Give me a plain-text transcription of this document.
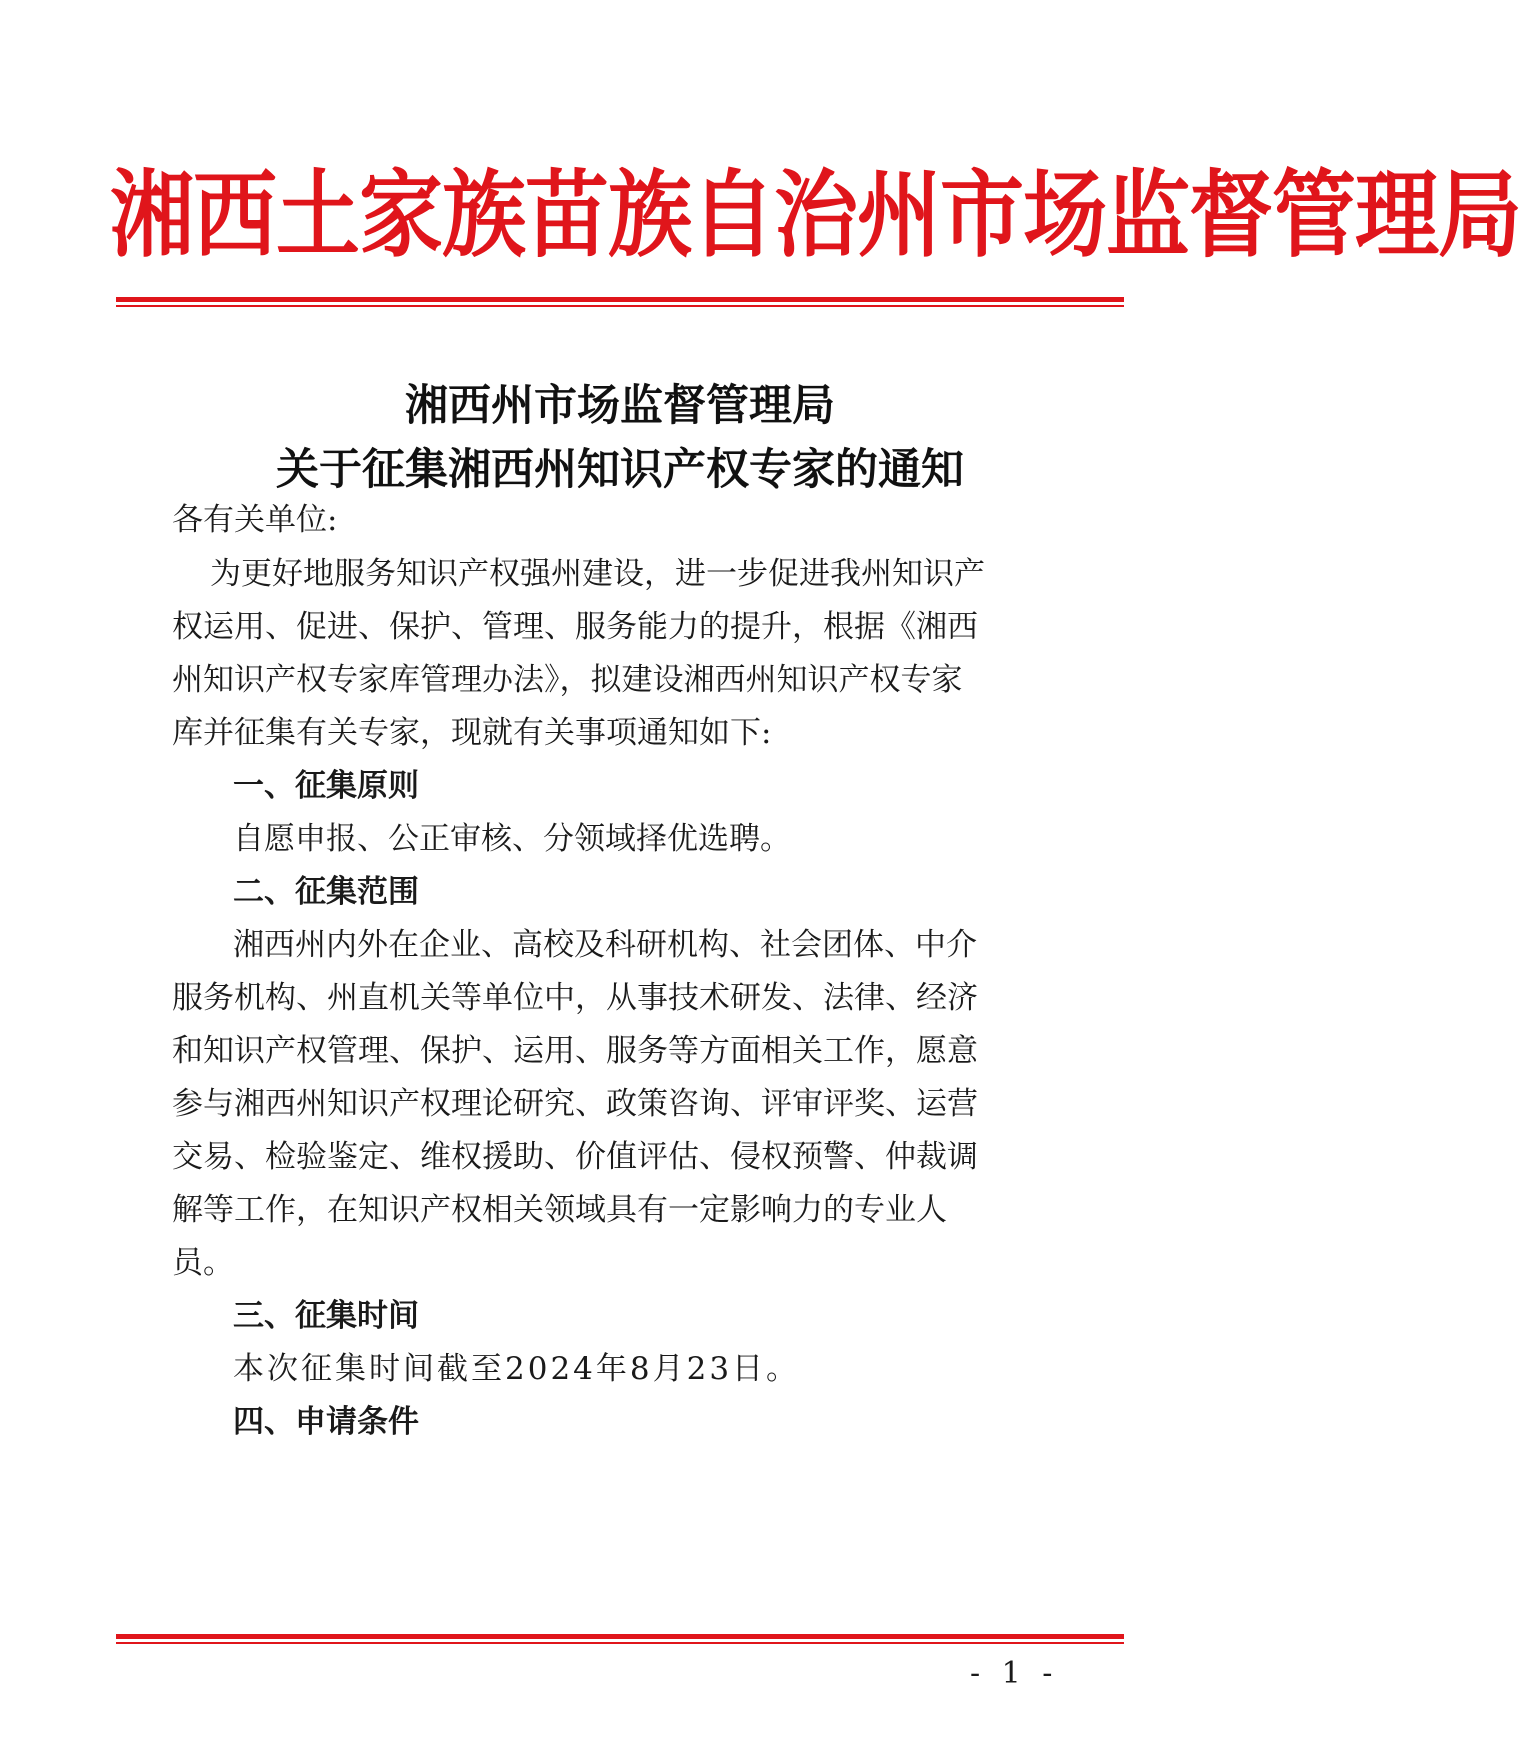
湘西土家族苗族自治州市场监督管理局
湘西州市场监督管理局
关于征集湘西州知识产权专家的通知
各有关单位:
为更好地服务知识产权强州建设，进一步促进我州知识产
权运用、促进、保护、管理、服务能力的提升，根据《湘西
州知识产权专家库管理办法》，拟建设湘西州知识产权专家
库并征集有关专家，现就有关事项通知如下:
一、征集原则
自愿申报、公正审核、分领域择优选聘。
二、征集范围
湘西州内外在企业、高校及科研机构、社会团体、中介
服务机构、州直机关等单位中，从事技术研发、法律、经济
和知识产权管理、保护、运用、服务等方面相关工作，愿意
参与湘西州知识产权理论研究、政策咨询、评审评奖、运营
交易、检验鉴定、维权援助、价值评估、侵权预警、仲裁调
解等工作，在知识产权相关领域具有一定影响力的专业人
员。
三、征集时间
本次征集时间截至2024年8月23日。
四、申请条件
- 1 -
